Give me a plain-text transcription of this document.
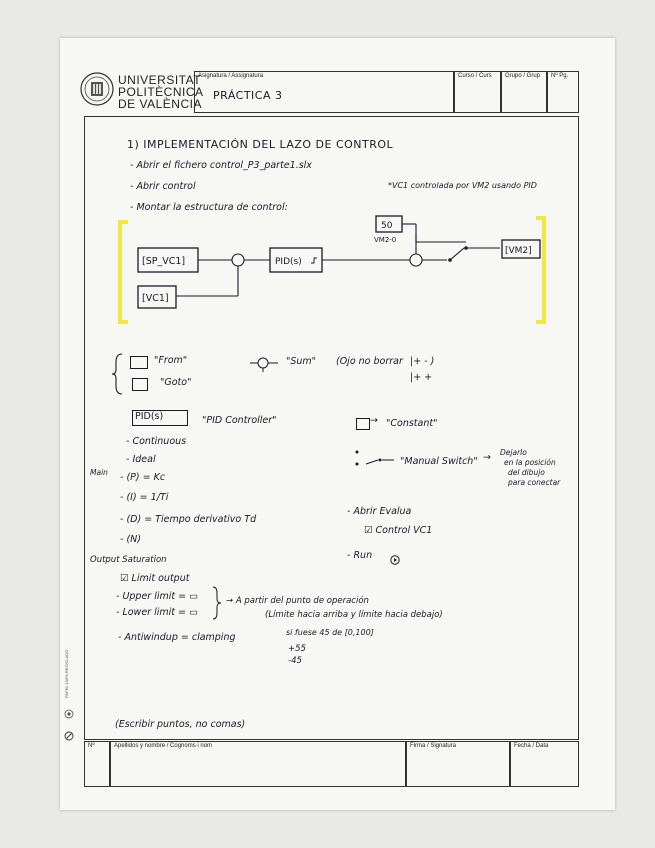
UNIVERSITAT
POLITÈCNICA
DE VALÈNCIA
Asignatura / Assignatura
PRÁCTICA 3
Curso / Curs Grupo / Grup Nº Pg.
PAPEL 100% RECICLADO
1) IMPLEMENTACIÓN DEL LAZO DE CONTROL
- Abrir el fichero control_P3_parte1.slx
- Abrir control	*VC1 controlada por VM2 usando PID
- Montar la estructura de control:
[SP_VC1]
[VC1]
PID(s)
50
VM2-0
[VM2]
"From"
"Goto"
"Sum" (Ojo no borrar |+ - )
|+ +
PID(s)	"PID Controller"	→ "Constant"
"Manual Switch" → Dejarlo
en la posición
del dibujo
para conectar
Main
- Continuous
- Ideal
- (P) = Kc
- (I) = 1/Ti
- (D) = Tiempo derivativo Td
- (N)
- Abrir Evalua
☑ Control VC1
- Run
Output Saturation
☑ Limit output
- Upper limit = ▭
- Lower limit = ▭
→ A partir del punto de operación
(Límite hacia arriba y límite hacia debajo)
- Antiwindup = clamping	si fuese 45 de [0,100]
+55
-45
(Escribir puntos, no comas)
Nº	Apellidos y nombre / Cognoms i nom	Firma / Signatura	Fecha / Data
